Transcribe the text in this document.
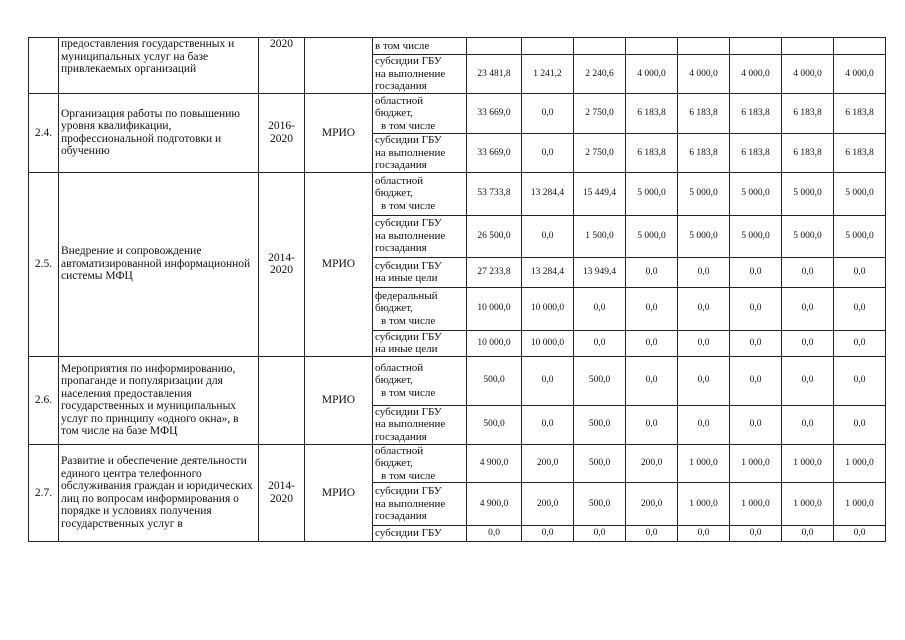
	предоставления государственных и муниципальных услуг на базе привлекаемых организаций	2020		в том числе								

				субсидии ГБУ
на выполнение
госзадания	23 481,8	1 241,2	2 240,6	4 000,0	4 000,0	4 000,0	4 000,0	4 000,0
2.4.	Организация работы по повышению уровня квалификации, профессиональной подготовки и обучению	2016-2020	МРИО	областной
бюджет,
в том числе	33 669,0	0,0	2 750,0	6 183,8	6 183,8	6 183,8	6 183,8	6 183,8

				субсидии ГБУ
на выполнение
госзадания	33 669,0	0,0	2 750,0	6 183,8	6 183,8	6 183,8	6 183,8	6 183,8
2.5.	Внедрение и сопровождение автоматизированной информационной системы МФЦ	2014-2020	МРИО	областной
бюджет,
в том числе	53 733,8	13 284,4	15 449,4	5 000,0	5 000,0	5 000,0	5 000,0	5 000,0

				субсидии ГБУ
на выполнение
госзадания	26 500,0	0,0	1 500,0	5 000,0	5 000,0	5 000,0	5 000,0	5 000,0

				субсидии ГБУ
на иные цели	27 233,8	13 284,4	13 949,4	0,0	0,0	0,0	0,0	0,0

				федеральный
бюджет,
в том числе	10 000,0	10 000,0	0,0	0,0	0,0	0,0	0,0	0,0

				субсидии ГБУ
на иные цели	10 000,0	10 000,0	0,0	0,0	0,0	0,0	0,0	0,0
2.6.	Мероприятия по информированию, пропаганде и популяризации для населения предоставления государственных и муниципальных услуг по принципу «одного окна», в том числе на базе МФЦ		МРИО	областной
бюджет,
в том числе	500,0	0,0	500,0	0,0	0,0	0,0	0,0	0,0

				субсидии ГБУ
на выполнение
госзадания	500,0	0,0	500,0	0,0	0,0	0,0	0,0	0,0
2.7.	Развитие и обеспечение деятельности единого центра телефонного обслуживания граждан и юридических лиц по вопросам информирования о порядке и условиях получения государственных услуг в	2014-2020	МРИО	областной
бюджет,
в том числе	4 900,0	200,0	500,0	200,0	1 000,0	1 000,0	1 000,0	1 000,0

				субсидии ГБУ
на выполнение
госзадания	4 900,0	200,0	500,0	200,0	1 000,0	1 000,0	1 000,0	1 000,0

				субсидии ГБУ	0,0	0,0	0,0	0,0	0,0	0,0	0,0	0,0
